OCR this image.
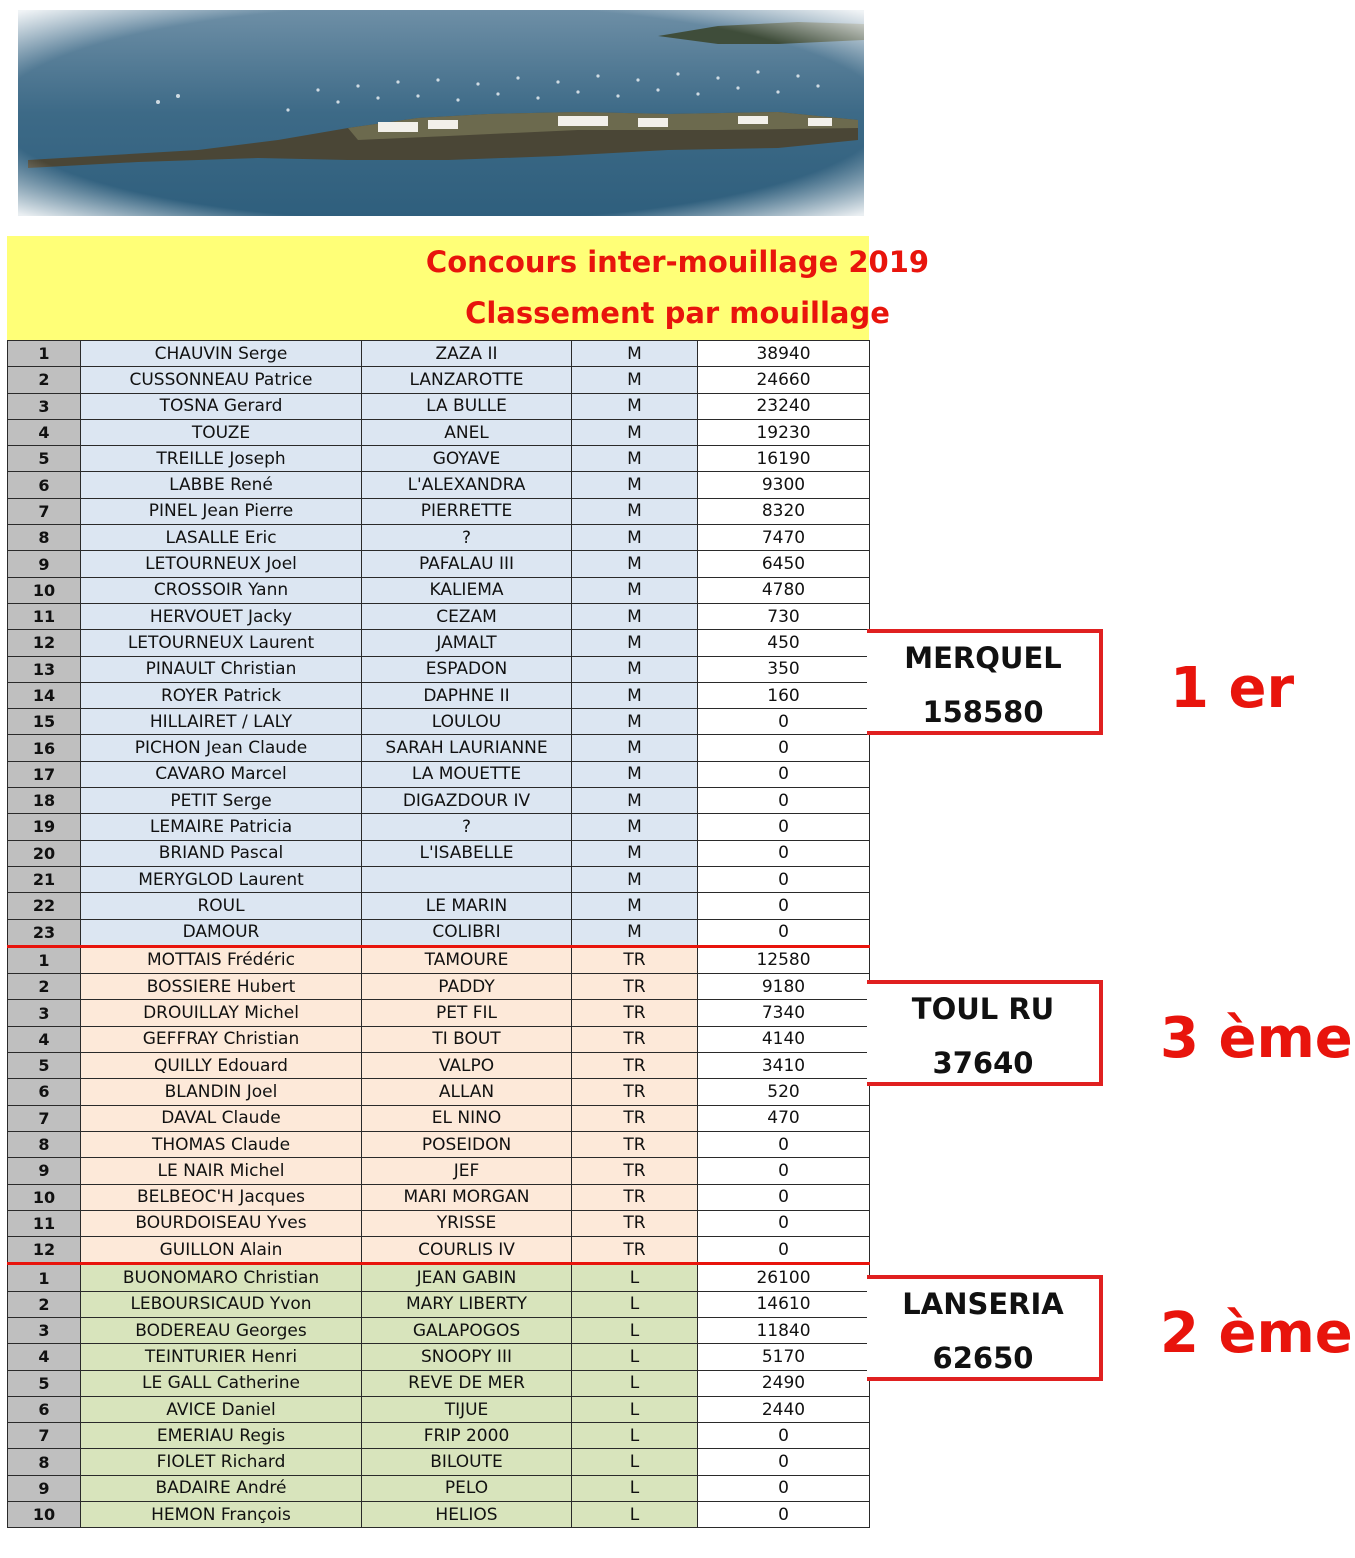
Concours inter-mouillage 2019
Classement par mouillage
1	CHAUVIN Serge	ZAZA II	M	38940
2	CUSSONNEAU Patrice	LANZAROTTE	M	24660
3	TOSNA Gerard	LA BULLE	M	23240
4	TOUZE	ANEL	M	19230
5	TREILLE Joseph	GOYAVE	M	16190
6	LABBE René	L'ALEXANDRA	M	9300
7	PINEL Jean Pierre	PIERRETTE	M	8320
8	LASALLE Eric	?	M	7470
9	LETOURNEUX Joel	PAFALAU III	M	6450
10	CROSSOIR Yann	KALIEMA	M	4780
11	HERVOUET Jacky	CEZAM	M	730
12	LETOURNEUX Laurent	JAMALT	M	450
13	PINAULT Christian	ESPADON	M	350
14	ROYER Patrick	DAPHNE II	M	160
15	HILLAIRET / LALY	LOULOU	M	0
16	PICHON Jean Claude	SARAH LAURIANNE	M	0
17	CAVARO Marcel	LA MOUETTE	M	0
18	PETIT Serge	DIGAZDOUR IV	M	0
19	LEMAIRE Patricia	?	M	0
20	BRIAND Pascal	L'ISABELLE	M	0
21	MERYGLOD Laurent		M	0
22	ROUL	LE MARIN	M	0
23	DAMOUR	COLIBRI	M	0
1	MOTTAIS Frédéric	TAMOURE	TR	12580
2	BOSSIERE Hubert	PADDY	TR	9180
3	DROUILLAY Michel	PET FIL	TR	7340
4	GEFFRAY Christian	TI BOUT	TR	4140
5	QUILLY Edouard	VALPO	TR	3410
6	BLANDIN Joel	ALLAN	TR	520
7	DAVAL Claude	EL NINO	TR	470
8	THOMAS Claude	POSEIDON	TR	0
9	LE NAIR Michel	JEF	TR	0
10	BELBEOC'H Jacques	MARI MORGAN	TR	0
11	BOURDOISEAU Yves	YRISSE	TR	0
12	GUILLON Alain	COURLIS IV	TR	0
1	BUONOMARO Christian	JEAN GABIN	L	26100
2	LEBOURSICAUD Yvon	MARY LIBERTY	L	14610
3	BODEREAU Georges	GALAPOGOS	L	11840
4	TEINTURIER Henri	SNOOPY III	L	5170
5	LE GALL Catherine	REVE DE MER	L	2490
6	AVICE Daniel	TIJUE	L	2440
7	EMERIAU Regis	FRIP 2000	L	0
8	FIOLET Richard	BILOUTE	L	0
9	BADAIRE André	PELO	L	0
10	HEMON François	HELIOS	L	0
MERQUEL
158580	1 er
TOUL RU
37640	3 ème
LANSERIA
62650	2 ème
